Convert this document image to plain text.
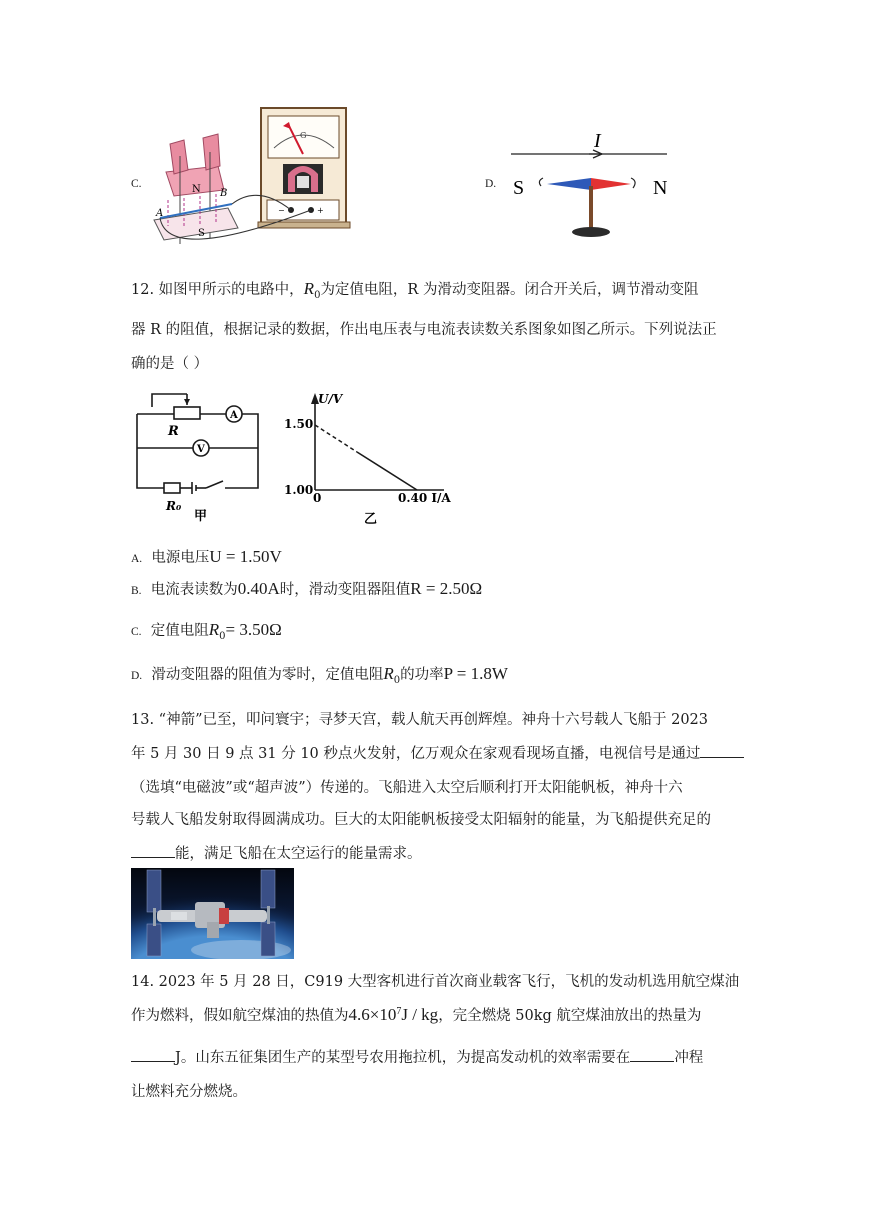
C.
G
−	+
N
S
A
B
D.
I
S	N
12. 如图甲所示的电路中，$R_0$为定值电阻，R 为滑动变阻器。闭合开关后，调节滑动变阻
器 R 的阻值，根据记录的数据，作出电压表与电流表读数关系图象如图乙所示。下列说法正
确的是（ ）
A
V
R
R₀
甲
U/V
1.50
1.00
0	0.40 I/A
乙
A. 电源电压U = 1.50V
B. 电流表读数为0.40A时，滑动变阻器阻值R = 2.50Ω
C. 定值电阻$R_0= 3.50\Omega$
D. 滑动变阻器的阻值为零时，定值电阻$R_0$的功率P = 1.8W
13. “神箭”已至，叩问寰宇；寻梦天宫，载人航天再创辉煌。神舟十六号载人飞船于 2023
年 5 月 30 日 9 点 31 分 10 秒点火发射，亿万观众在家观看现场直播，电视信号是通过
（选填“电磁波”或“超声波”）传递的。飞船进入太空后顺利打开太阳能帆板，神舟十六
号载人飞船发射取得圆满成功。巨大的太阳能帆板接受太阳辐射的能量，为飞船提供充足的
能，满足飞船在太空运行的能量需求。
14. 2023 年 5 月 28 日，C919 大型客机进行首次商业载客飞行，飞机的发动机选用航空煤油
作为燃料，假如航空煤油的热值为$4.6\times 10^7J$ / kg，完全燃烧 50kg 航空煤油放出的热量为
J。山东五征集团生产的某型号农用拖拉机，为提高发动机的效率需要在	冲程
让燃料充分燃烧。
